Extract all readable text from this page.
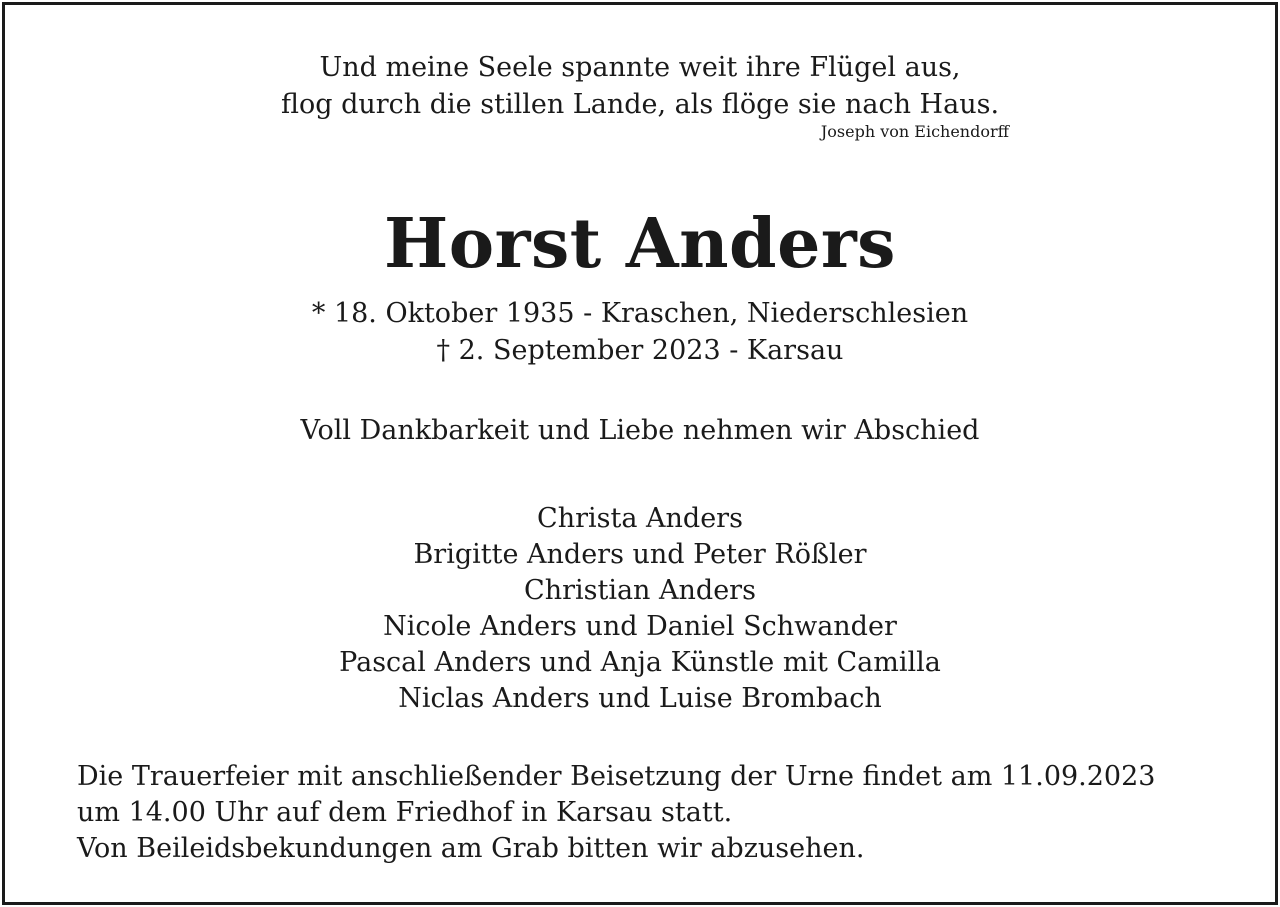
Und meine Seele spannte weit ihre Flügel aus,
flog durch die stillen Lande, als flöge sie nach Haus.
Joseph von Eichendorff
Horst Anders
* 18. Oktober 1935 - Kraschen, Niederschlesien
† 2. September 2023 - Karsau
Voll Dankbarkeit und Liebe nehmen wir Abschied
Christa Anders
Brigitte Anders und Peter Rößler
Christian Anders
Nicole Anders und Daniel Schwander
Pascal Anders und Anja Künstle mit Camilla
Niclas Anders und Luise Brombach
Die Trauerfeier mit anschließender Beisetzung der Urne findet am 11.09.2023
um 14.00 Uhr auf dem Friedhof in Karsau statt.
Von Beileidsbekundungen am Grab bitten wir abzusehen.
